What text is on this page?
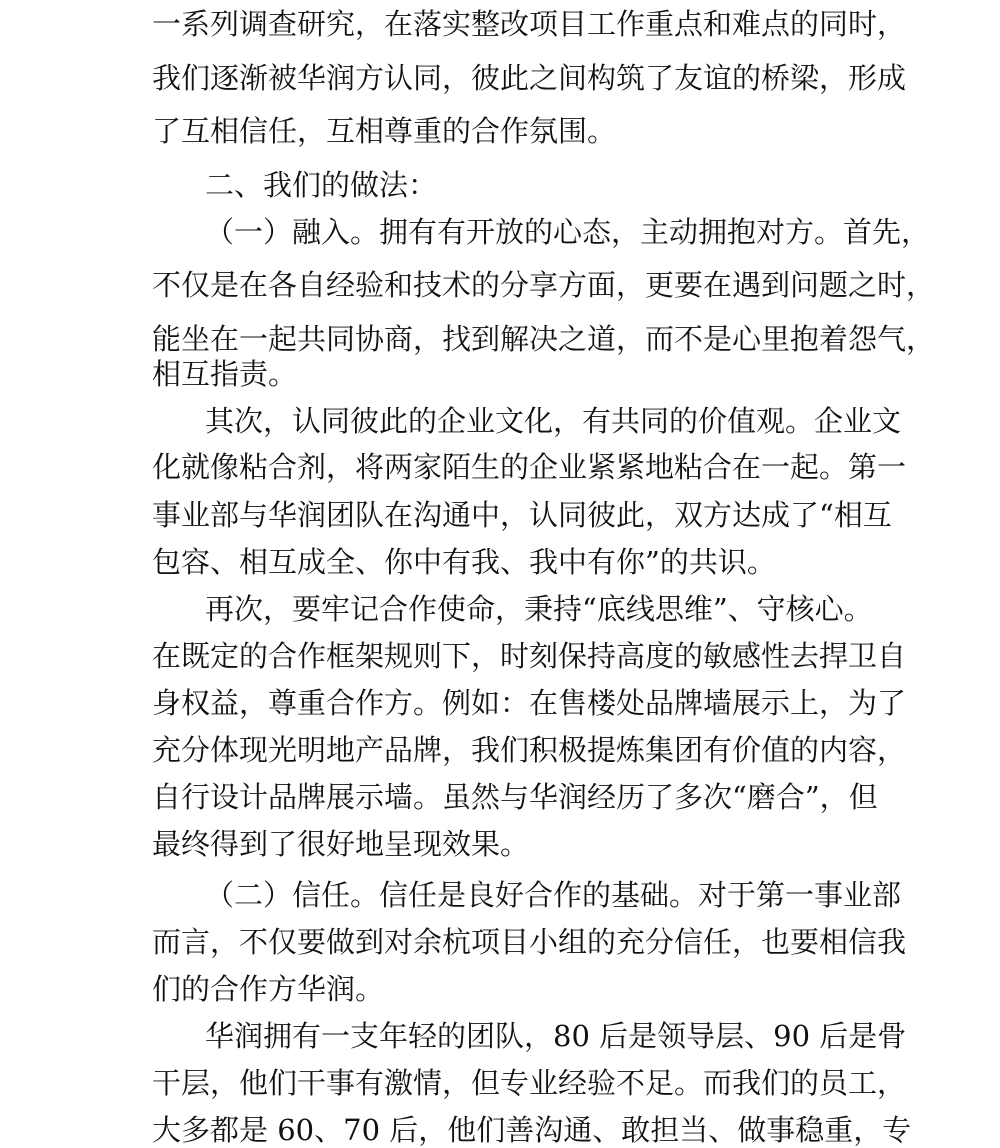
一系列调查研究，在落实整改项目工作重点和难点的同时，
我们逐渐被华润方认同，彼此之间构筑了友谊的桥梁，形成
了互相信任，互相尊重的合作氛围。
二、我们的做法：
（一）融入。拥有有开放的心态，主动拥抱对方。首先，
不仅是在各自经验和技术的分享方面，更要在遇到问题之时，
能坐在一起共同协商，找到解决之道，而不是心里抱着怨气，
相互指责。
其次，认同彼此的企业文化，有共同的价值观。企业文
化就像粘合剂，将两家陌生的企业紧紧地粘合在一起。第一
事业部与华润团队在沟通中，认同彼此，双方达成了“相互
包容、相互成全、你中有我、我中有你”的共识。
再次，要牢记合作使命，秉持“底线思维”、守核心。
在既定的合作框架规则下，时刻保持高度的敏感性去捍卫自
身权益，尊重合作方。例如：在售楼处品牌墙展示上，为了
充分体现光明地产品牌，我们积极提炼集团有价值的内容，
自行设计品牌展示墙。虽然与华润经历了多次“磨合”，但
最终得到了很好地呈现效果。
（二）信任。信任是良好合作的基础。对于第一事业部
而言，不仅要做到对余杭项目小组的充分信任，也要相信我
们的合作方华润。
华润拥有一支年轻的团队，80 后是领导层、90 后是骨
干层，他们干事有激情，但专业经验不足。而我们的员工，
大多都是 60、70 后，他们善沟通、敢担当、做事稳重，专
